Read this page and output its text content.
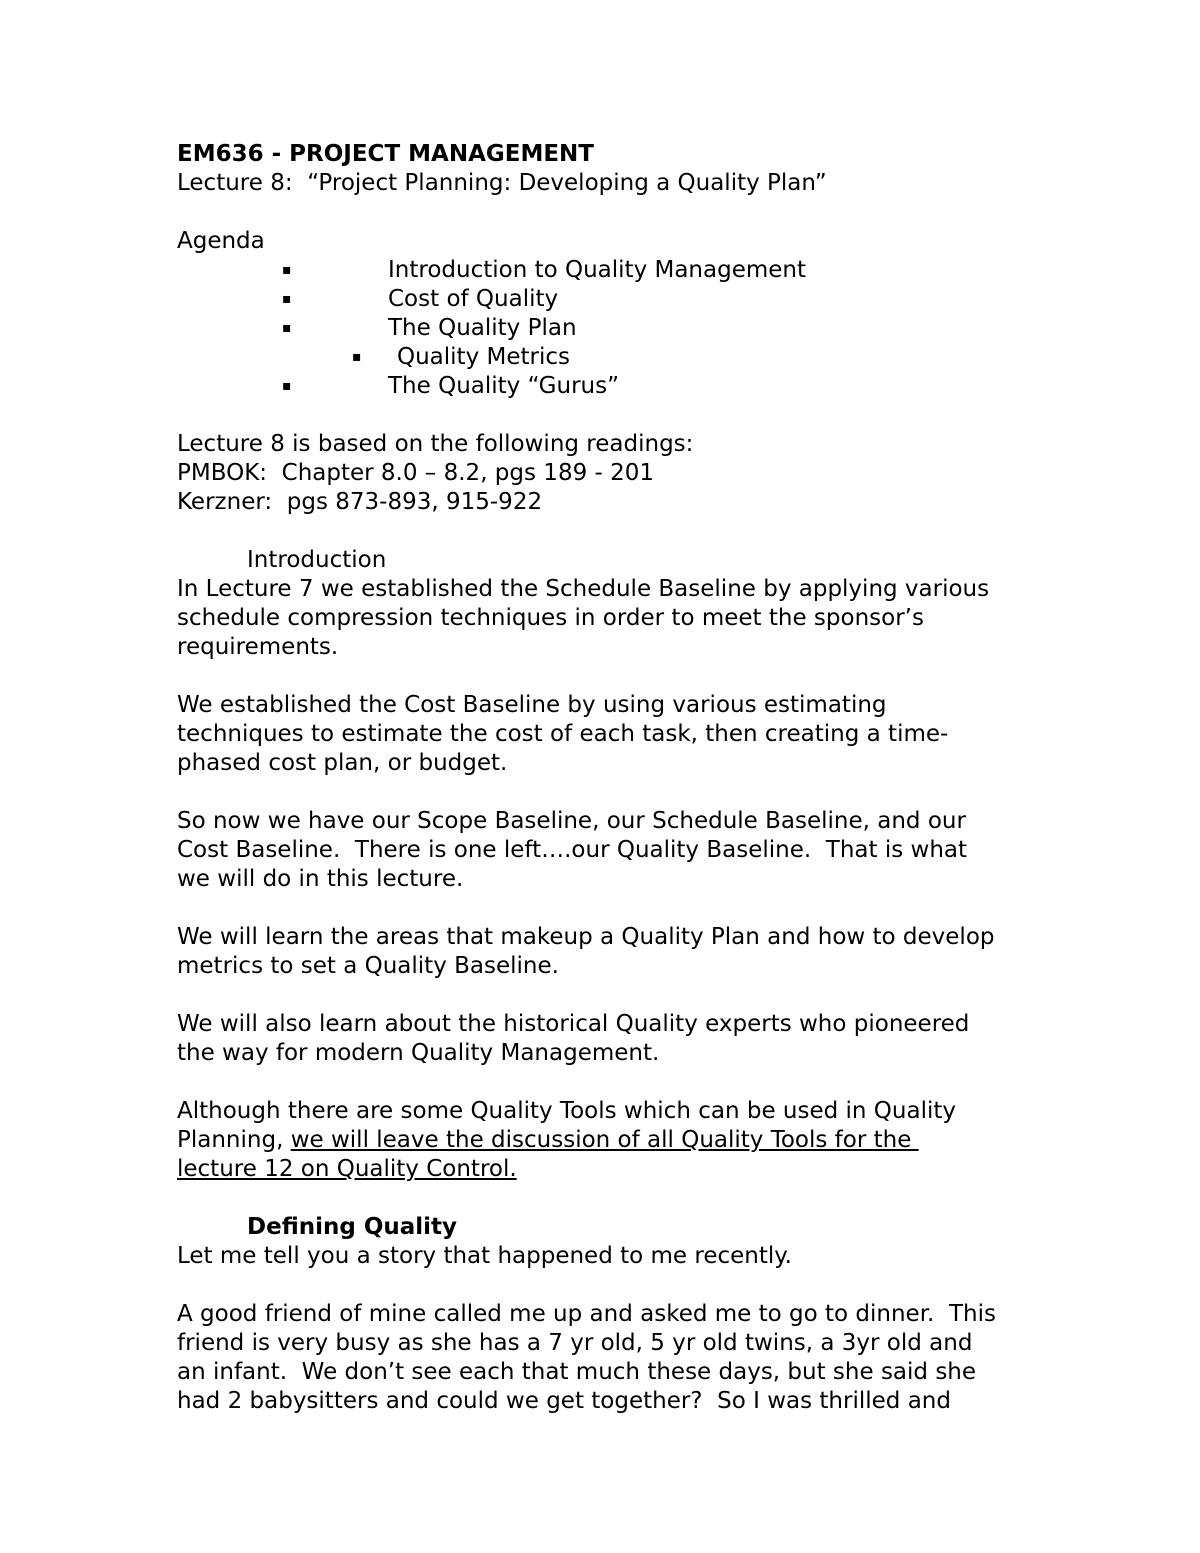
EM636 - PROJECT MANAGEMENT
Lecture 8:  “Project Planning: Developing a Quality Plan”
Agenda
▪	Introduction to Quality Management
▪	Cost of Quality
▪	The Quality Plan
▪ Quality Metrics
▪	The Quality “Gurus”
Lecture 8 is based on the following readings:
PMBOK:  Chapter 8.0 – 8.2, pgs 189 - 201
Kerzner:  pgs 873-893, 915-922
Introduction
In Lecture 7 we established the Schedule Baseline by applying various
schedule compression techniques in order to meet the sponsor’s
requirements.
We established the Cost Baseline by using various estimating
techniques to estimate the cost of each task, then creating a time-
phased cost plan, or budget.
So now we have our Scope Baseline, our Schedule Baseline, and our
Cost Baseline.  There is one left….our Quality Baseline.  That is what
we will do in this lecture.
We will learn the areas that makeup a Quality Plan and how to develop
metrics to set a Quality Baseline.
We will also learn about the historical Quality experts who pioneered
the way for modern Quality Management.
Although there are some Quality Tools which can be used in Quality
Planning, we will leave the discussion of all Quality Tools for the
lecture 12 on Quality Control.
Defining Quality
Let me tell you a story that happened to me recently.
A good friend of mine called me up and asked me to go to dinner.  This
friend is very busy as she has a 7 yr old, 5 yr old twins, a 3yr old and
an infant.  We don’t see each that much these days, but she said she
had 2 babysitters and could we get together?  So I was thrilled and
